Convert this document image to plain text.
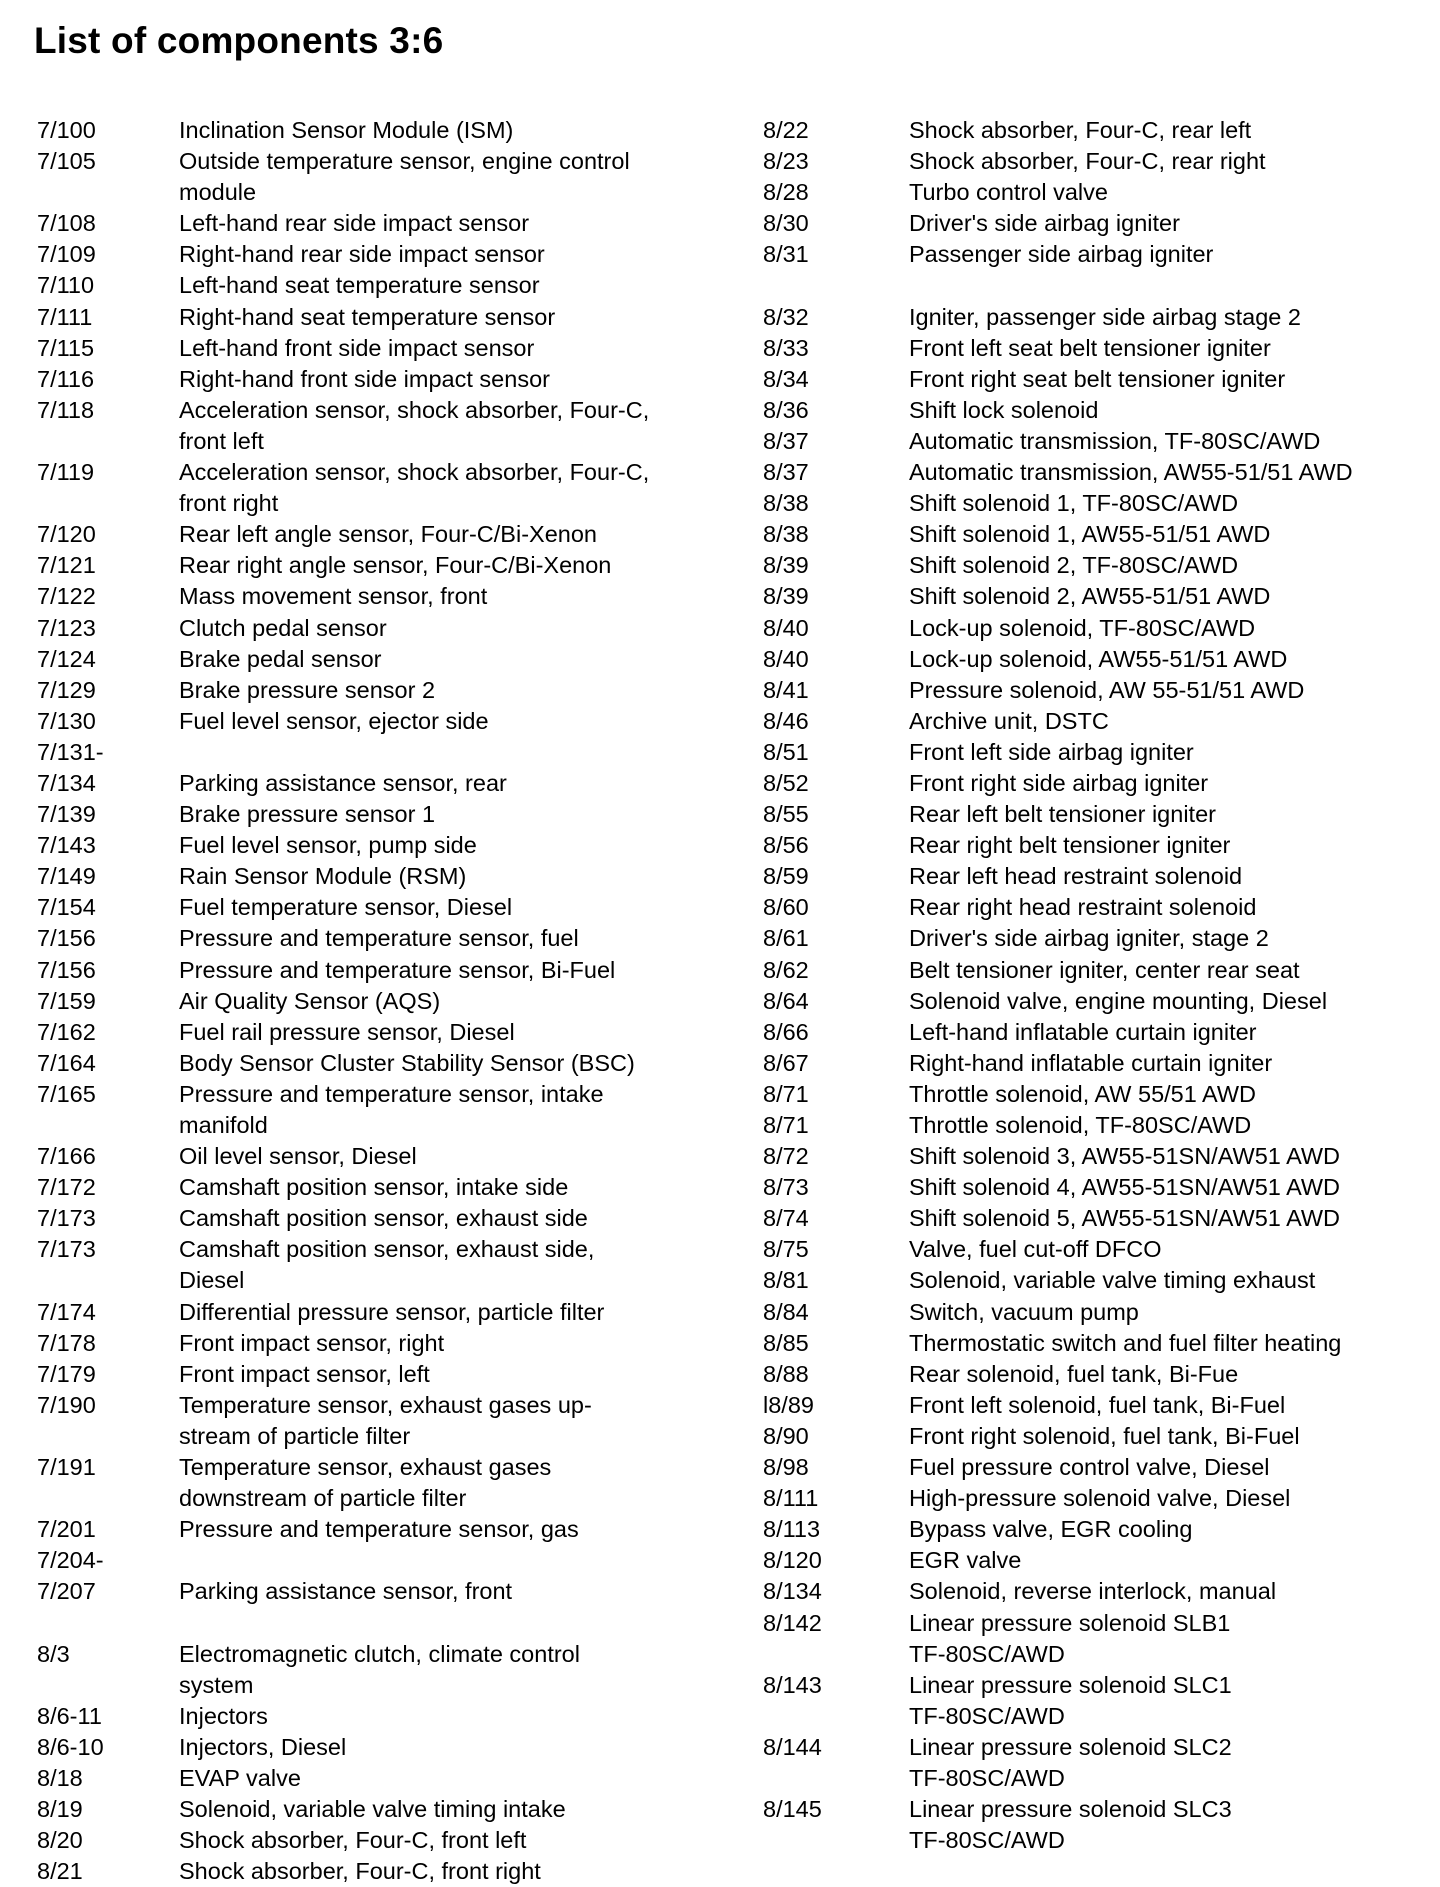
List of components 3:6
7/100	Inclination Sensor Module (ISM)
7/105	Outside temperature sensor, engine control
module
7/108	Left-hand rear side impact sensor
7/109	Right-hand rear side impact sensor
7/110	Left-hand seat temperature sensor
7/111	Right-hand seat temperature sensor
7/115	Left-hand front side impact sensor
7/116	Right-hand front side impact sensor
7/118	Acceleration sensor, shock absorber, Four-C,
front left
7/119	Acceleration sensor, shock absorber, Four-C,
front right
7/120	Rear left angle sensor, Four-C/Bi-Xenon
7/121	Rear right angle sensor, Four-C/Bi-Xenon
7/122	Mass movement sensor, front
7/123	Clutch pedal sensor
7/124	Brake pedal sensor
7/129	Brake pressure sensor 2
7/130	Fuel level sensor, ejector side
7/131-

7/134	Parking assistance sensor, rear
7/139	Brake pressure sensor 1
7/143	Fuel level sensor, pump side
7/149	Rain Sensor Module (RSM)
7/154	Fuel temperature sensor, Diesel
7/156	Pressure and temperature sensor, fuel
7/156	Pressure and temperature sensor, Bi-Fuel
7/159	Air Quality Sensor (AQS)
7/162	Fuel rail pressure sensor, Diesel
7/164	Body Sensor Cluster Stability Sensor (BSC)
7/165	Pressure and temperature sensor, intake
manifold
7/166	Oil level sensor, Diesel
7/172	Camshaft position sensor, intake side
7/173	Camshaft position sensor, exhaust side
7/173	Camshaft position sensor, exhaust side,
Diesel
7/174	Differential pressure sensor, particle filter
7/178	Front impact sensor, right
7/179	Front impact sensor, left
7/190	Temperature sensor, exhaust gases up-
stream of particle filter
7/191	Temperature sensor, exhaust gases
downstream of particle filter
7/201	Pressure and temperature sensor, gas
7/204-

7/207	Parking assistance sensor, front

8/3	Electromagnetic clutch, climate control
system
8/6-11	Injectors
8/6-10	Injectors, Diesel
8/18	EVAP valve
8/19	Solenoid, variable valve timing intake
8/20	Shock absorber, Four-C, front left
8/21	Shock absorber, Four-C, front right
8/22	Shock absorber, Four-C, rear left
8/23	Shock absorber, Four-C, rear right
8/28	Turbo control valve
8/30	Driver's side airbag igniter
8/31	Passenger side airbag igniter

8/32	Igniter, passenger side airbag stage 2
8/33	Front left seat belt tensioner igniter
8/34	Front right seat belt tensioner igniter
8/36	Shift lock solenoid
8/37	Automatic transmission, TF-80SC/AWD
8/37	Automatic transmission, AW55-51/51 AWD
8/38	Shift solenoid 1, TF-80SC/AWD
8/38	Shift solenoid 1, AW55-51/51 AWD
8/39	Shift solenoid 2, TF-80SC/AWD
8/39	Shift solenoid 2, AW55-51/51 AWD
8/40	Lock-up solenoid, TF-80SC/AWD
8/40	Lock-up solenoid, AW55-51/51 AWD
8/41	Pressure solenoid, AW 55-51/51 AWD
8/46	Archive unit, DSTC
8/51	Front left side airbag igniter
8/52	Front right side airbag igniter
8/55	Rear left belt tensioner igniter
8/56	Rear right belt tensioner igniter
8/59	Rear left head restraint solenoid
8/60	Rear right head restraint solenoid
8/61	Driver's side airbag igniter, stage 2
8/62	Belt tensioner igniter, center rear seat
8/64	Solenoid valve, engine mounting, Diesel
8/66	Left-hand inflatable curtain igniter
8/67	Right-hand inflatable curtain igniter
8/71	Throttle solenoid, AW 55/51 AWD
8/71	Throttle solenoid, TF-80SC/AWD
8/72	Shift solenoid 3, AW55-51SN/AW51 AWD
8/73	Shift solenoid 4, AW55-51SN/AW51 AWD
8/74	Shift solenoid 5, AW55-51SN/AW51 AWD
8/75	Valve, fuel cut-off DFCO
8/81	Solenoid, variable valve timing exhaust
8/84	Switch, vacuum pump
8/85	Thermostatic switch and fuel filter heating
8/88	Rear solenoid, fuel tank, Bi-Fue
l8/89	Front left solenoid, fuel tank, Bi-Fuel
8/90	Front right solenoid, fuel tank, Bi-Fuel
8/98	Fuel pressure control valve, Diesel
8/111	High-pressure solenoid valve, Diesel
8/113	Bypass valve, EGR cooling
8/120	EGR valve
8/134	Solenoid, reverse interlock, manual
8/142	Linear pressure solenoid SLB1
TF-80SC/AWD
8/143	Linear pressure solenoid SLC1
TF-80SC/AWD
8/144	Linear pressure solenoid SLC2
TF-80SC/AWD
8/145	Linear pressure solenoid SLC3
TF-80SC/AWD
